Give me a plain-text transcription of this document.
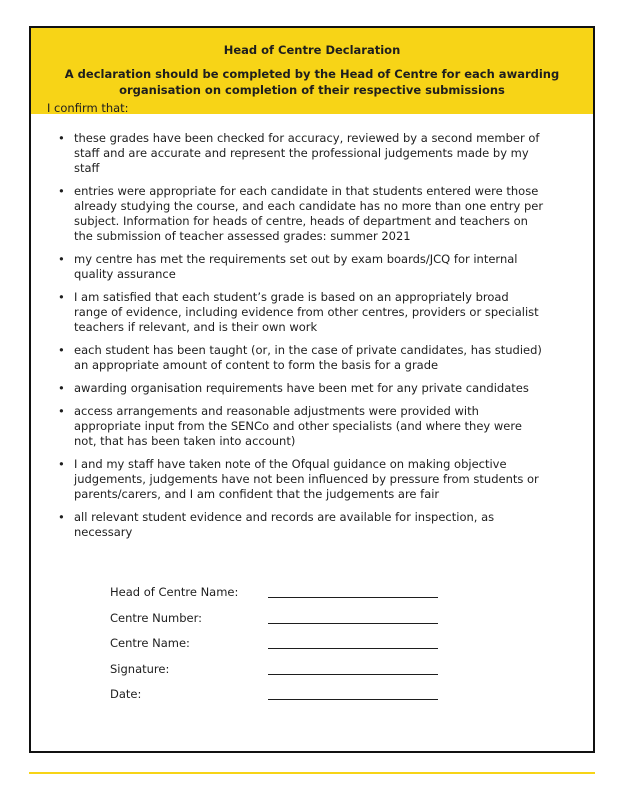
Head of Centre Declaration
A declaration should be completed by the Head of Centre for each awarding organisation on completion of their respective submissions

I confirm that:

• these grades have been checked for accuracy, reviewed by a second member of staff and are accurate and represent the professional judgements made by my staff
• entries were appropriate for each candidate in that students entered were those already studying the course, and each candidate has no more than one entry per subject. Information for heads of centre, heads of department and teachers on the submission of teacher assessed grades: summer 2021
• my centre has met the requirements set out by exam boards/JCQ for internal quality assurance
• I am satisfied that each student’s grade is based on an appropriately broad range of evidence, including evidence from other centres, providers or specialist teachers if relevant, and is their own work
• each student has been taught (or, in the case of private candidates, has studied) an appropriate amount of content to form the basis for a grade
• awarding organisation requirements have been met for any private candidates
• access arrangements and reasonable adjustments were provided with appropriate input from the SENCo and other specialists (and where they were not, that has been taken into account)
• I and my staff have taken note of the Ofqual guidance on making objective judgements, judgements have not been influenced by pressure from students or parents/carers, and I am confident that the judgements are fair
• all relevant student evidence and records are available for inspection, as necessary
Head of Centre Name:
Centre Number:
Centre Name:
Signature:
Date:
